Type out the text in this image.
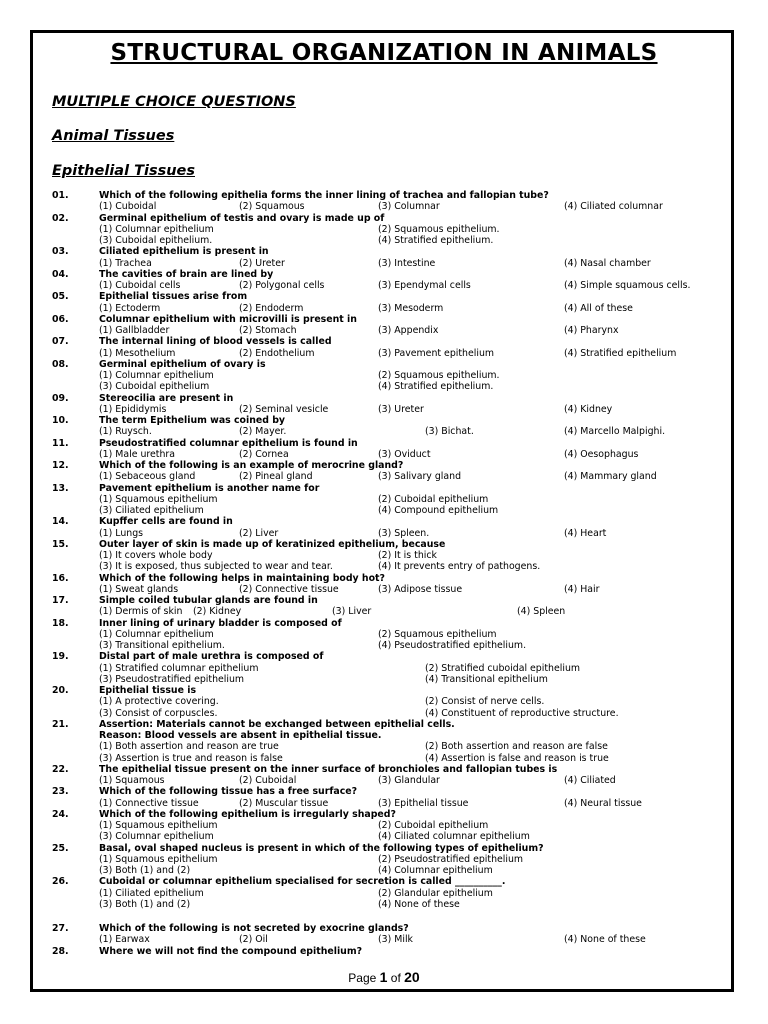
STRUCTURAL ORGANIZATION IN ANIMALS
MULTIPLE CHOICE QUESTIONS
Animal Tissues
Epithelial Tissues
01.	Which of the following epithelia forms the inner lining of trachea and fallopian tube?
(1) Cuboidal	(2) Squamous	(3) Columnar	(4) Ciliated columnar
02.	Germinal epithelium of testis and ovary is made up of
(1) Columnar epithelium	(2) Squamous epithelium.
(3) Cuboidal epithelium.	(4) Stratified epithelium.
03.	Ciliated epithelium is present in
(1) Trachea	(2) Ureter	(3) Intestine	(4) Nasal chamber
04.	The cavities of brain are lined by
(1) Cuboidal cells	(2) Polygonal cells	(3) Ependymal cells	(4) Simple squamous cells.
05.	Epithelial tissues arise from
(1) Ectoderm	(2) Endoderm	(3) Mesoderm	(4) All of these
06.	Columnar epithelium with microvilli is present in
(1) Gallbladder	(2) Stomach	(3) Appendix	(4) Pharynx
07.	The internal lining of blood vessels is called
(1) Mesothelium	(2) Endothelium	(3) Pavement epithelium	(4) Stratified epithelium
08.	Germinal epithelium of ovary is
(1) Columnar epithelium	(2) Squamous epithelium.
(3) Cuboidal epithelium	(4) Stratified epithelium.
09.	Stereocilia are present in
(1) Epididymis	(2) Seminal vesicle	(3) Ureter	(4) Kidney
10.	The term Epithelium was coined by
(1) Ruysch.	(2) Mayer.	(3) Bichat.	(4) Marcello Malpighi.
11.	Pseudostratified columnar epithelium is found in
(1) Male urethra	(2) Cornea	(3) Oviduct	(4) Oesophagus
12.	Which of the following is an example of merocrine gland?
(1) Sebaceous gland	(2) Pineal gland	(3) Salivary gland	(4) Mammary gland
13.	Pavement epithelium is another name for
(1) Squamous epithelium	(2) Cuboidal epithelium
(3) Ciliated epithelium	(4) Compound epithelium
14.	Kupffer cells are found in
(1) Lungs	(2) Liver	(3) Spleen.	(4) Heart
15.	Outer layer of skin is made up of keratinized epithelium, because
(1) It covers whole body	(2) It is thick
(3) It is exposed, thus subjected to wear and tear.	(4) It prevents entry of pathogens.
16.	Which of the following helps in maintaining body hot?
(1) Sweat glands	(2) Connective tissue	(3) Adipose tissue	(4) Hair
17.	Simple coiled tubular glands are found in
(1) Dermis of skin (2) Kidney	(3) Liver	(4) Spleen
18.	Inner lining of urinary bladder is composed of
(1) Columnar epithelium	(2) Squamous epithelium
(3) Transitional epithelium.	(4) Pseudostratified epithelium.
19.	Distal part of male urethra is composed of
(1) Stratified columnar epithelium	(2) Stratified cuboidal epithelium
(3) Pseudostratified epithelium	(4) Transitional epithelium
20.	Epithelial tissue is
(1) A protective covering.	(2) Consist of nerve cells.
(3) Consist of corpuscles.	(4) Constituent of reproductive structure.
21.	Assertion: Materials cannot be exchanged between epithelial cells.
Reason: Blood vessels are absent in epithelial tissue.
(1) Both assertion and reason are true	(2) Both assertion and reason are false
(3) Assertion is true and reason is false	(4) Assertion is false and reason is true
22.	The epithelial tissue present on the inner surface of bronchioles and fallopian tubes is
(1) Squamous	(2) Cuboidal	(3) Glandular	(4) Ciliated
23.	Which of the following tissue has a free surface?
(1) Connective tissue	(2) Muscular tissue	(3) Epithelial tissue	(4) Neural tissue
24.	Which of the following epithelium is irregularly shaped?
(1) Squamous epithelium	(2) Cuboidal epithelium
(3) Columnar epithelium	(4) Ciliated columnar epithelium
25.	Basal, oval shaped nucleus is present in which of the following types of epithelium?
(1) Squamous epithelium	(2) Pseudostratified epithelium
(3) Both (1) and (2)	(4) Columnar epithelium
26.	Cuboidal or columnar epithelium specialised for secretion is called __________.
(1) Ciliated epithelium	(2) Glandular epithelium
(3) Both (1) and (2)	(4) None of these
27.	Which of the following is not secreted by exocrine glands?
(1) Earwax	(2) Oil	(3) Milk	(4) None of these
28.	Where we will not find the compound epithelium?
Page 1 of 20
